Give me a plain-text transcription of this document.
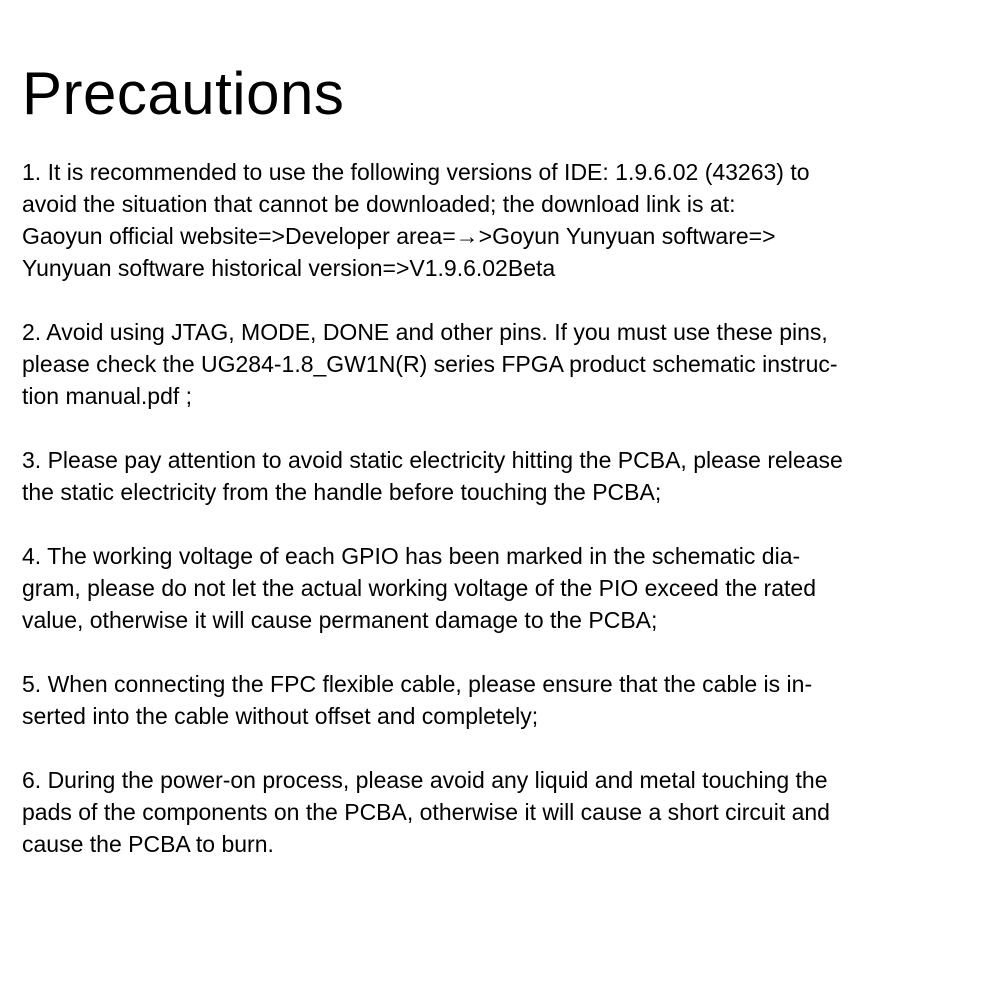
Precautions

1. It is recommended to use the following versions of IDE: 1.9.6.02 (43263) to
avoid the situation that cannot be downloaded; the download link is at:
Gaoyun official website=>Developer area=→>Goyun Yunyuan software=>
Yunyuan software historical version=>V1.9.6.02Beta

2. Avoid using JTAG, MODE, DONE and other pins. If you must use these pins,
please check the UG284-1.8_GW1N(R) series FPGA product schematic instruc-
tion manual.pdf ;

3. Please pay attention to avoid static electricity hitting the PCBA, please release
the static electricity from the handle before touching the PCBA;

4. The working voltage of each GPIO has been marked in the schematic dia-
gram, please do not let the actual working voltage of the PIO exceed the rated
value, otherwise it will cause permanent damage to the PCBA;

5. When connecting the FPC flexible cable, please ensure that the cable is in-
serted into the cable without offset and completely;

6. During the power-on process, please avoid any liquid and metal touching the
pads of the components on the PCBA, otherwise it will cause a short circuit and
cause the PCBA to burn.
